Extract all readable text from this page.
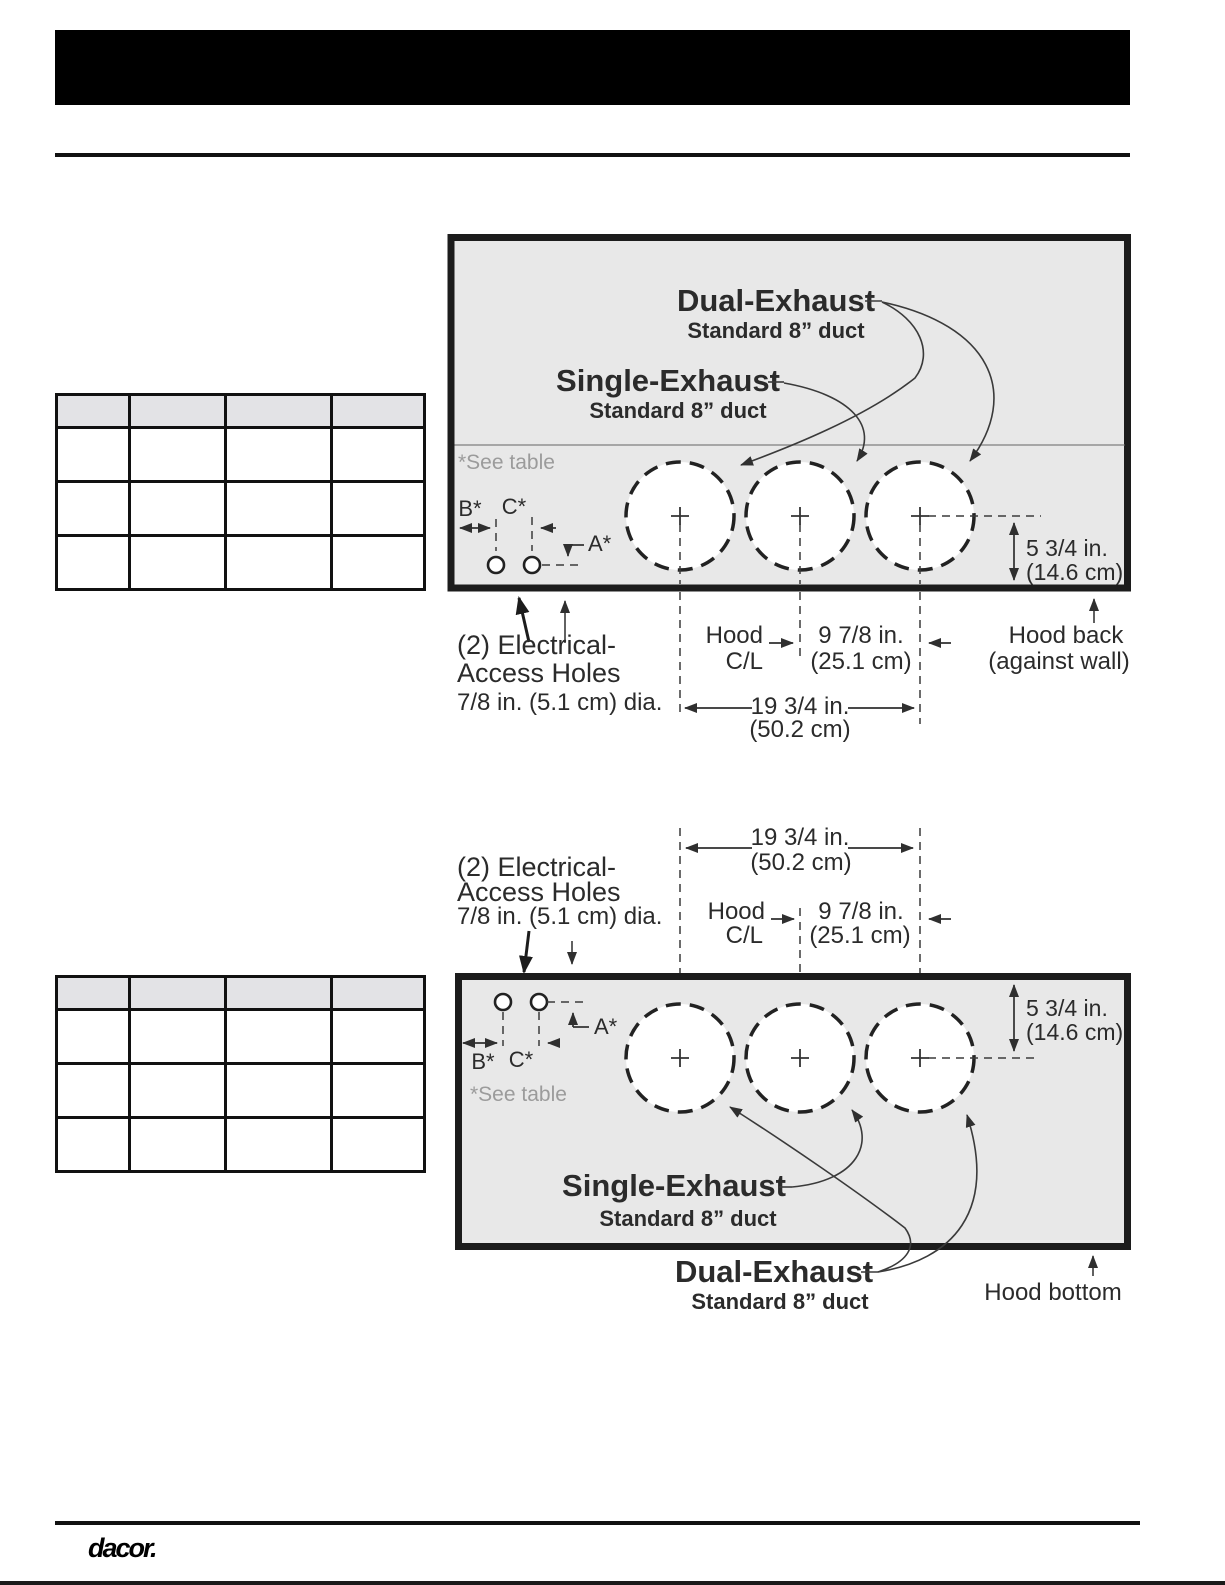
Dual-Exhaust
Standard 8” duct
Single-Exhaust
Standard 8” duct
*See table
B* C*
A*
(2) Electrical-
Access Holes
7/8 in. (5.1 cm) dia.
Hood
C/L
9 7/8 in.
(25.1 cm)
Hood back
(against wall)
19 3/4 in.
(50.2 cm)
5 3/4 in.
(14.6 cm)
19 3/4 in.
(50.2 cm)
(2) Electrical-
Access Holes
7/8 in. (5.1 cm) dia. Hood
C/L
9 7/8 in.
(25.1 cm)
A*
B* C*
*See table
5 3/4 in.
(14.6 cm)
Single-Exhaust
Standard 8” duct
Dual-Exhaust
Standard 8” duct	Hood bottom
dacor.
